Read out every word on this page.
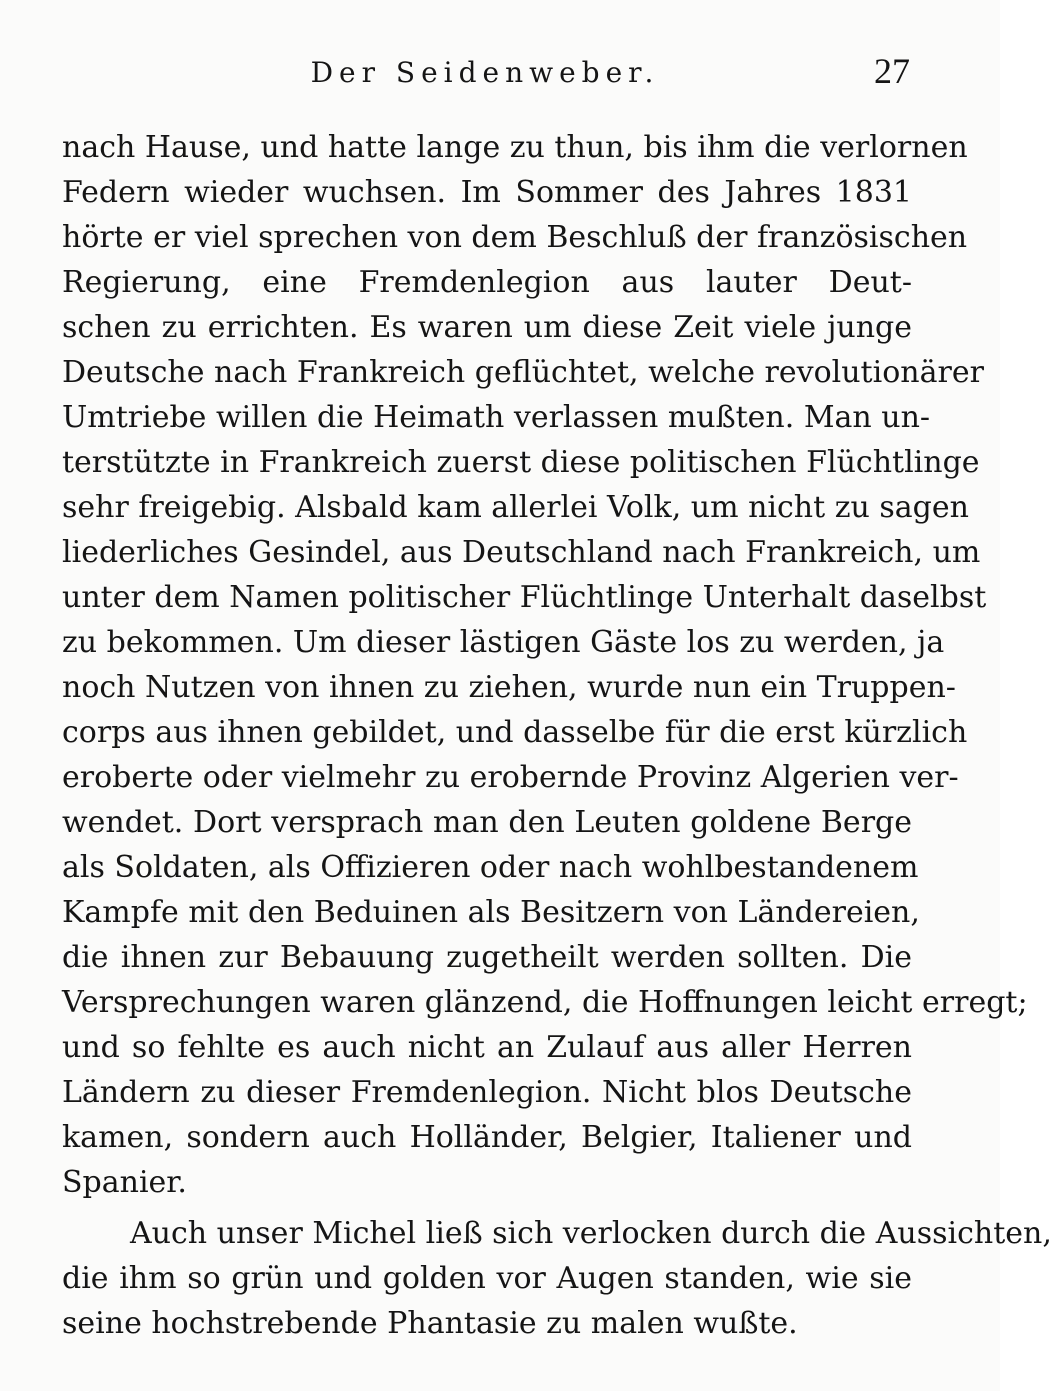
Der Seidenweber.	27
nach Hause, und hatte lange zu thun, bis ihm die verlornen
Federn wieder wuchsen. Im Sommer des Jahres 1831
hörte er viel sprechen von dem Beschluß der französischen
Regierung, eine Fremdenlegion aus lauter Deut-
schen zu errichten. Es waren um diese Zeit viele junge
Deutsche nach Frankreich geflüchtet, welche revolutionärer
Umtriebe willen die Heimath verlassen mußten. Man un-
terstützte in Frankreich zuerst diese politischen Flüchtlinge
sehr freigebig. Alsbald kam allerlei Volk, um nicht zu sagen
liederliches Gesindel, aus Deutschland nach Frankreich, um
unter dem Namen politischer Flüchtlinge Unterhalt daselbst
zu bekommen. Um dieser lästigen Gäste los zu werden, ja
noch Nutzen von ihnen zu ziehen, wurde nun ein Truppen-
corps aus ihnen gebildet, und dasselbe für die erst kürzlich
eroberte oder vielmehr zu erobernde Provinz Algerien ver-
wendet. Dort versprach man den Leuten goldene Berge
als Soldaten, als Offizieren oder nach wohlbestandenem
Kampfe mit den Beduinen als Besitzern von Ländereien,
die ihnen zur Bebauung zugetheilt werden sollten. Die
Versprechungen waren glänzend, die Hoffnungen leicht erregt;
und so fehlte es auch nicht an Zulauf aus aller Herren
Ländern zu dieser Fremdenlegion. Nicht blos Deutsche
kamen, sondern auch Holländer, Belgier, Italiener und
Spanier.
Auch unser Michel ließ sich verlocken durch die Aussichten,
die ihm so grün und golden vor Augen standen, wie sie
seine hochstrebende Phantasie zu malen wußte.
